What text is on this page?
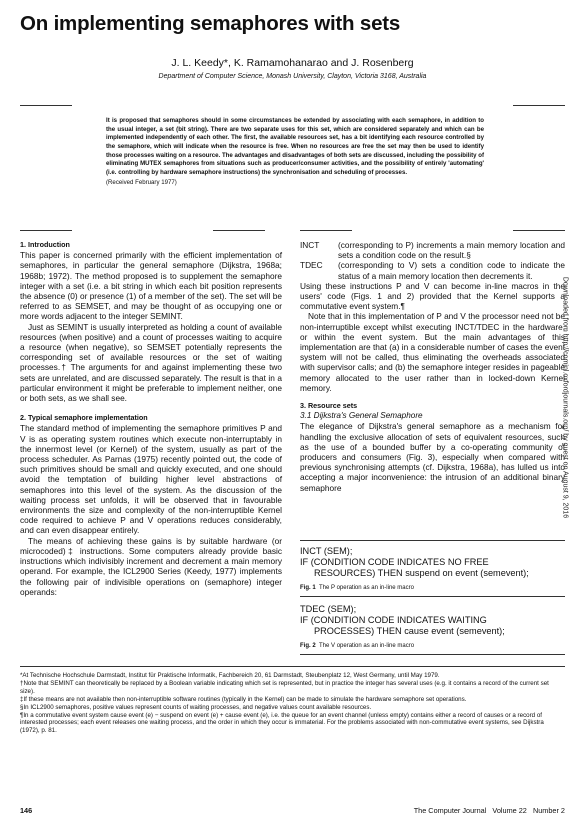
On implementing semaphores with sets
J. L. Keedy*, K. Ramamohanarao and J. Rosenberg
Department of Computer Science, Monash University, Clayton, Victoria 3168, Australia
It is proposed that semaphores should in some circumstances be extended by associating with each semaphore, in addition to the usual integer, a set (bit string). There are two separate uses for this set, which are considered separately and which can be implemented independently of each other. The first, the available resources set, has a bit identifying each resource controlled by the semaphore, which will indicate when the resource is free. When no resources are free the set may then be used to identify those processes waiting on a resource. The advantages and disadvantages of both sets are discussed, including the possibility of eliminating MUTEX semaphores from situations such as producer/consumer activities, and the possibility of entirely 'automating' (i.e. controlling by hardware semaphore instructions) the synchronisation and scheduling of processes.
(Received February 1977)

1. Introduction

This paper is concerned primarily with the efficient implementation of semaphores, in particular the general semaphore (Dijkstra, 1968a; 1968b; 1972). The method proposed is to supplement the semaphore integer with a set (i.e. a bit string in which each bit position represents the absence (0) or presence (1) of a member of the set). The set will be referred to as SEMSET, and may be thought of as occupying one or more words adjacent to the integer SEMINT.

Just as SEMINT is usually interpreted as holding a count of available resources (when positive) and a count of processes waiting to acquire a resource (when negative), so SEMSET potentially represents the corresponding set of available resources or the set of waiting processes.† The arguments for and against implementing these two sets are unrelated, and are discussed separately. The result is that in a particular environment it might be preferable to implement neither, one or both sets, as we shall see.

2. Typical semaphore implementation

The standard method of implementing the semaphore primitives P and V is as operating system routines which execute non-interruptably in the innermost level (or Kernel) of the system, usually as part of the process scheduler. As Parnas (1975) recently pointed out, the code of such primitives should be small and quickly executed, and one should avoid the temptation of building higher level abstractions of semaphores into this level of the system. As the discussion of the waiting process set unfolds, it will be observed that in favourable environments the size and complexity of the non-interruptible Kernel code required to achieve P and V operations reduces considerably, and can even disappear entirely.

The means of achieving these gains is by suitable hardware (or microcoded)‡ instructions. Some computers already provide basic instructions which indivisibly increment and decrement a main memory operand. For example, the ICL2900 Series (Keedy, 1977) implements the following pair of indivisible operations on (semaphore) integer operands:

INCT	(corresponding to P) increments a main memory location and sets a condition code on the result.§
TDEC	(corresponding to V) sets a condition code to indicate the status of a main memory location then decrements it.

Using these instructions P and V can become in-line macros in the users' code (Figs. 1 and 2) provided that the Kernel supports a commutative event system.¶

Note that in this implementation of P and V the processor need not be non-interruptible except whilst executing INCT/TDEC in the hardware, or within the event system. But the main advantages of this implementation are that (a) in a considerable number of cases the event system will not be called, thus eliminating the overheads associated with supervisor calls; and (b) the semaphore integer resides in pageable memory allocated to the user rather than in locked-down Kernel memory.

3. Resource sets

3.1 Dijkstra's General Semaphore

The elegance of Dijkstra's general semaphore as a mechanism for handling the exclusive allocation of sets of equivalent resources, such as the use of a bounded buffer by a co-operating community of producers and consumers (Fig. 3), especially when compared with previous synchronising attempts (cf. Dijkstra, 1968a), has lulled us into accepting a major inconvenience: the intrusion of an additional binary semaphore

INCT (SEM);
IF (CONDITION CODE INDICATES NO FREE
RESOURCES) THEN suspend on event (semevent);
Fig. 1 The P operation as an in-line macro
TDEC (SEM);
IF (CONDITION CODE INDICATES WAITING
PROCESSES) THEN cause event (semevent);
Fig. 2 The V operation as an in-line macro

*At Technische Hochschule Darmstadt, Institut für Praktische Informatik, Fachbereich 20, 61 Darmstadt, Steubenplatz 12, West Germany, until May 1979.

†Note that SEMINT can theoretically be replaced by a Boolean variable indicating which set is represented, but in practice the integer has several uses (e.g. it contains a record of the current set size).

‡If these means are not available then non-interruptible software routines (typically in the Kernel) can be made to simulate the hardware semaphore set operations.

§In ICL2900 semaphores, positive values represent counts of waiting processes, and negative values count available resources.

¶In a commutative event system cause event (e) − suspend on event (e) + cause event (e), i.e. the queue for an event channel (unless empty) contains either a record of causes or a record of interested processes; each event releases one waiting process, and the order in which they occur is immaterial. For the problems associated with non-commutative event systems, see Dijkstra (1972), p. 81.

Downloaded from http://comjnl.oxfordjournals.org/ by guest on August 9, 2016
146	The Computer Journal   Volume 22   Number 2
